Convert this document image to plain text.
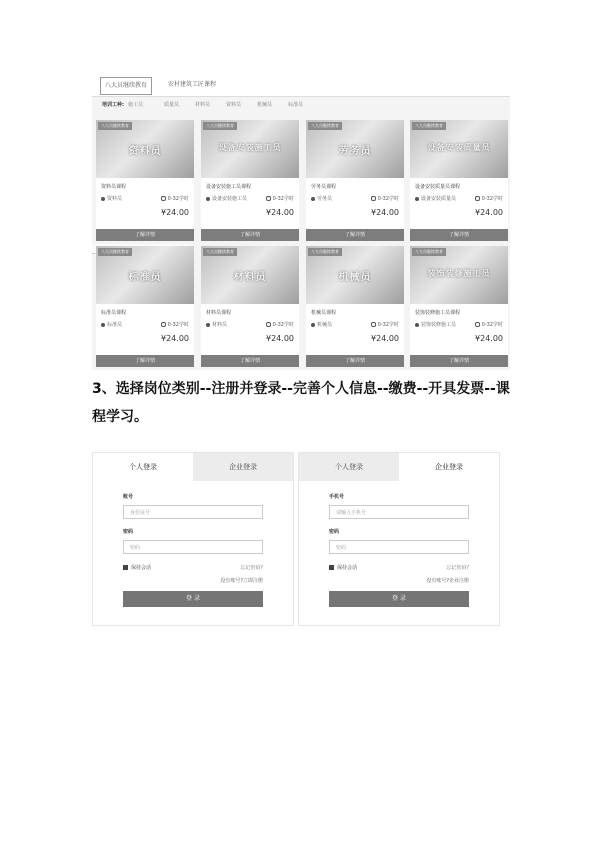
八大员继续教育	农村建筑工匠课程
培训工种: 施工员	质量员	材料员	资料员	机械员	标准员
八大员继续教育
资料员
资料员课程
资料员	0-32学时
¥24.00
了解详情
八大员继续教育
设备安装施工员
设备安装施工员课程
设备安装施工员	0-32学时
¥24.00
了解详情
八大员继续教育
劳务员
劳务员课程
劳务员	0-32学时
¥24.00
了解详情
八大员继续教育
设备安装质量员
设备安装质量员课程
设备安装质量员	0-32学时
¥24.00
了解详情
八大员继续教育
标准员
标准员课程
标准员	0-32学时
¥24.00
了解详情
八大员继续教育
材料员
材料员课程
材料员	0-32学时
¥24.00
了解详情
八大员继续教育
机械员
机械员课程
机械员	0-32学时
¥24.00
了解详情
八大员继续教育
装饰装修施工员
装饰装修施工员课程
装饰装修施工员	0-32学时
¥24.00
了解详情
3、选择岗位类别--注册并登录--完善个人信息--缴费--开具发票--课程学习。
个人登录	企业登录
账号
身份证号
密码
密码
保持会话	忘记密码?
没有账号?立即注册
登 录
个人登录	企业登录
手机号
请输入手机号
密码
密码
保持会话	忘记密码?
没有账号?企业注册
登 录
